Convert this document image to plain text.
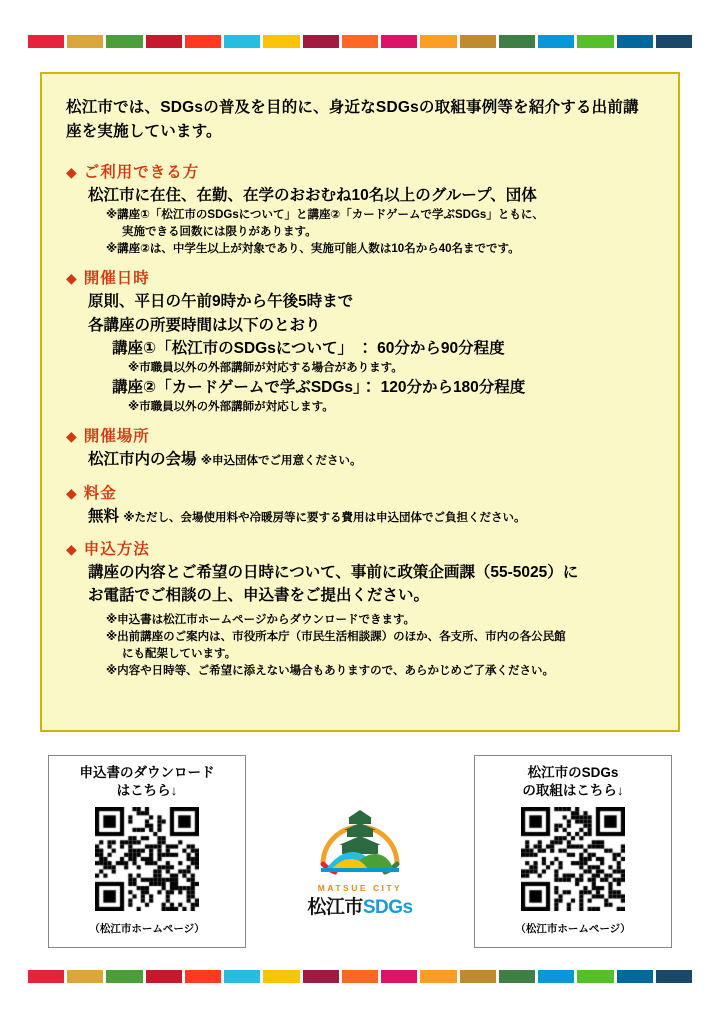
松江市では、SDGsの普及を目的に、身近なSDGsの取組事例等を紹介する出前講座を実施しています。
◆ ご利用できる方
松江市に在住、在勤、在学のおおむね10名以上のグループ、団体
※講座①「松江市のSDGsについて」と講座②「カードゲームで学ぶSDGs」ともに、
実施できる回数には限りがあります。
※講座②は、中学生以上が対象であり、実施可能人数は10名から40名までです。
◆ 開催日時
原則、平日の午前9時から午後5時まで
各講座の所要時間は以下のとおり
講座①「松江市のSDGsについて」 ： 60分から90分程度
※市職員以外の外部講師が対応する場合があります。
講座②「カードゲームで学ぶSDGs」： 120分から180分程度
※市職員以外の外部講師が対応します。
◆ 開催場所
松江市内の会場 ※申込団体でご用意ください。
◆ 料金
無料 ※ただし、会場使用料や冷暖房等に要する費用は申込団体でご負担ください。
◆ 申込方法
講座の内容とご希望の日時について、事前に政策企画課（55-5025）に
お電話でご相談の上、申込書をご提出ください。
※申込書は松江市ホームページからダウンロードできます。
※出前講座のご案内は、市役所本庁（市民生活相談課）のほか、各支所、市内の各公民館
にも配架しています。
※内容や日時等、ご希望に添えない場合もありますので、あらかじめご了承ください。
申込書のダウンロード
はこちら↓
（松江市ホームページ）
松江市のSDGs
の取組はこちら↓
（松江市ホームページ）
MATSUE CITY
松江市SDGs
